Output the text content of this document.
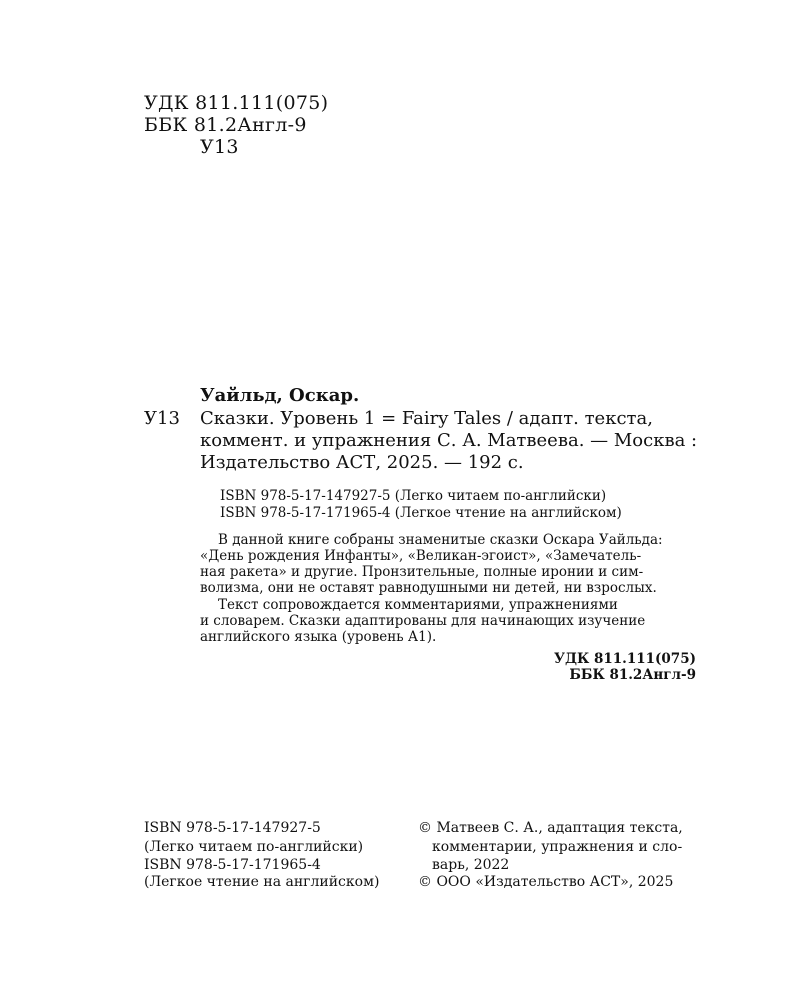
УДК 811.111(075)
ББК 81.2Англ-9
У13
Уайльд, Оскар.
У13 Сказки. Уровень 1 = Fairy Tales / адапт. текста,
коммент. и упражнения С. А. Матвеева. — Москва :
Издательство АСТ, 2025. — 192 с.
ISBN 978-5-17-147927-5 (Легко читаем по-английски)
ISBN 978-5-17-171965-4 (Легкое чтение на английском)
В данной книге собраны знаменитые сказки Оскара Уайльда:
«День рождения Инфанты», «Великан-эгоист», «Замечатель-
ная ракета» и другие. Пронзительные, полные иронии и сим-
волизма, они не оставят равнодушными ни детей, ни взрослых.
Текст сопровождается комментариями, упражнениями
и словарем. Сказки адаптированы для начинающих изучение
английского языка (уровень А1).
УДК 811.111(075)
ББК 81.2Англ-9
ISBN 978-5-17-147927-5
(Легко читаем по-английски)
ISBN 978-5-17-171965-4
(Легкое чтение на английском)
© Матвеев С. А., адаптация текста,
комментарии, упражнения и сло-
варь, 2022
© ООО «Издательство АСТ», 2025
